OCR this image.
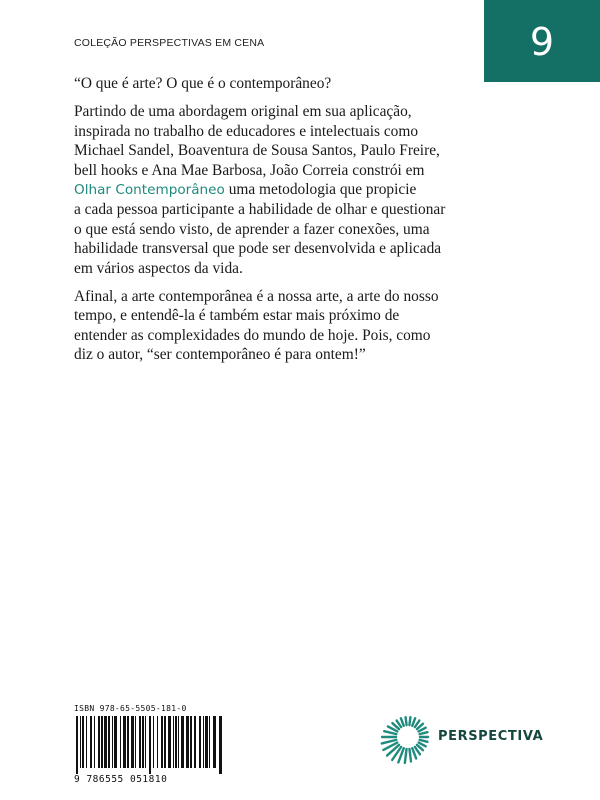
COLEÇÃO PERSPECTIVAS EM CENA	9

“O que é arte? O que é o contemporâneo?

Partindo de uma abordagem original em sua aplicação,
inspirada no trabalho de educadores e intelectuais como
Michael Sandel, Boaventura de Sousa Santos, Paulo Freire,
bell hooks e Ana Mae Barbosa, João Correia constrói em
Olhar Contemporâneo uma metodologia que propicie
a cada pessoa participante a habilidade de olhar e questionar
o que está sendo visto, de aprender a fazer conexões, uma
habilidade transversal que pode ser desenvolvida e aplicada
em vários aspectos da vida.

Afinal, a arte contemporânea é a nossa arte, a arte do nosso
tempo, e entendê-la é também estar mais próximo de
entender as complexidades do mundo de hoje. Pois, como
diz o autor, “ser contemporâneo é para ontem!”

ISBN 978-65-5505-181-0
9 786555 051810
PERSPECTIVA
